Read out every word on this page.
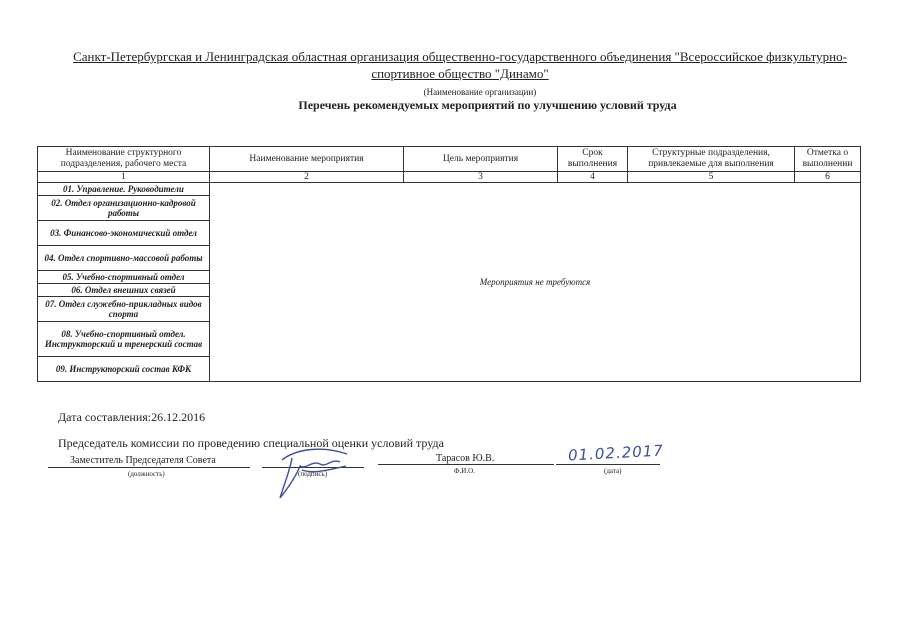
Санкт-Петербургская и Ленинградская областная организация общественно-государственного объединения "Всероссийское физкультурно-спортивное общество "Динамо"
(Наименование организации)
Перечень рекомендуемых мероприятий по улучшению условий труда
Наименование структурного подразделения, рабочего места	Наименование мероприятия	Цель мероприятия	Срок выполнения	Структурные подразделения, привлекаемые для выполнения	Отметка о выполнении
1	2	3	4	5	6
01. Управление. Руководители	Мероприятия не требуются				
02. Отдел организационно-кадровой работы					
03. Финансово-экономический отдел					
04. Отдел спортивно-массовой работы					
05. Учебно-спортивный отдел					
06. Отдел внешних связей					
07. Отдел служебно-прикладных видов спорта					
08. Учебно-спортивный отдел. Инструкторский и тренерский состав					
09. Инструкторский состав КФК					
Дата составления:26.12.2016
Председатель комиссии по проведению специальной оценки условий труда
Заместитель Председателя Совета
(должность)	(подпись)
Тарасов Ю.В.
Ф.И.О.
01.02.2017
(дата)
